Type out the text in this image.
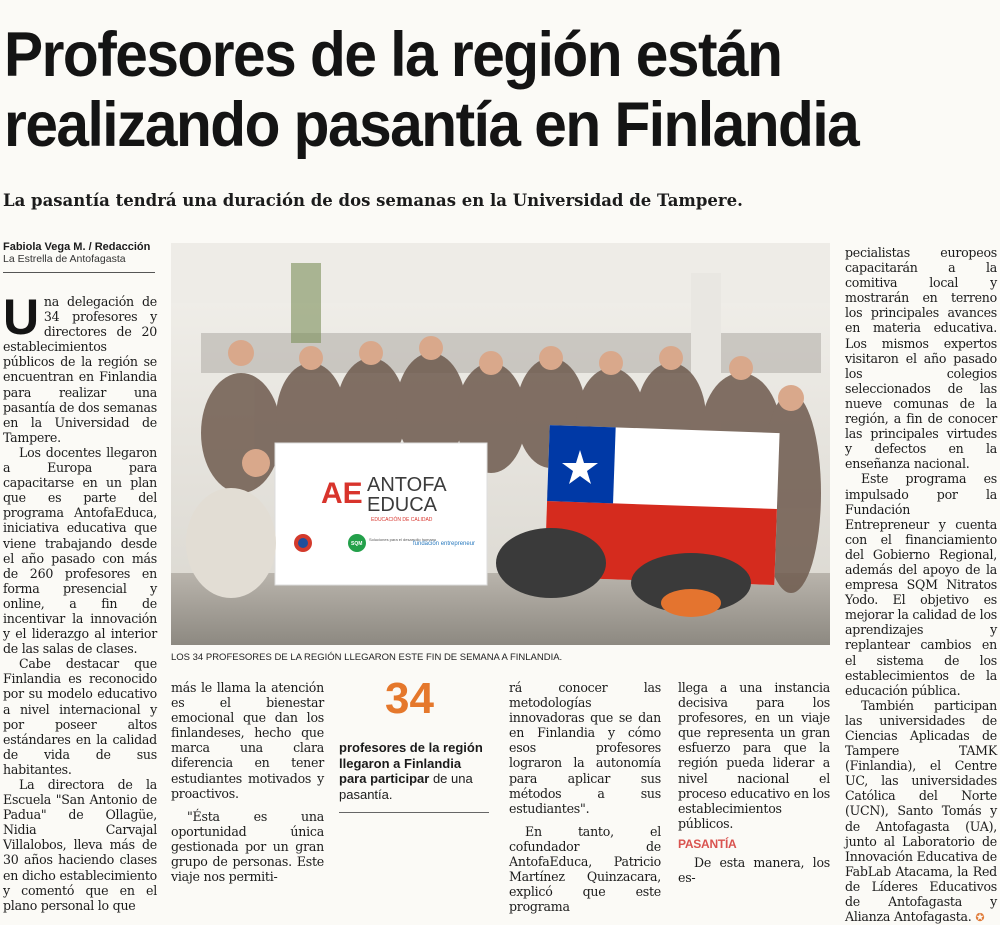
Profesores de la región están
realizando pasantía en Finlandia

La pasantía tendrá una duración de dos semanas en la Universidad de Tampere.

Fabiola Vega M. / Redacción
La Estrella de Antofagasta

U na delegación de 34 profesores y directores de 20 establecimientos públicos de la región se encuentran en Finlandia para realizar una pasantía de dos semanas en la Universidad de Tampere.

Los docentes llegaron a Europa para capacitarse en un plan que es parte del programa AntofaEduca, iniciativa educativa que viene trabajando desde el año pasado con más de 260 profesores en forma presencial y online, a fin de incentivar la innovación y el liderazgo al interior de las salas de clases.

Cabe destacar que Finlandia es reconocido por su modelo educativo a nivel internacional y por poseer altos estándares en la calidad de vida de sus habitantes.

La directora de la Escuela "San Antonio de Padua" de Ollagüe, Nidia Carvajal Villalobos, lleva más de 30 años haciendo clases en dicho establecimiento y comentó que en el plano personal lo que

AE ANTOFA
EDUCA
EDUCACIÓN DE CALIDAD
SQM
Soluciones para el desarrollo humano
fundación entrepreneur
LOS 34 PROFESORES DE LA REGIÓN LLEGARON ESTE FIN DE SEMANA A FINLANDIA.

más le llama la atención es el bienestar emocional que dan los finlandeses, hecho que marca una clara diferencia en tener estudiantes motivados y proactivos.

"Ésta es una oportunidad única gestionada por un gran grupo de personas. Este viaje nos permiti-

34
profesores de la región llegaron a Finlandia para participar de una pasantía.

rá conocer las metodologías innovadoras que se dan en Finlandia y cómo esos profesores lograron la autonomía para aplicar sus métodos a sus estudiantes".

En tanto, el cofundador de AntofaEduca, Patricio Martínez Quinzacara, explicó que este programa

llega a una instancia decisiva para los profesores, en un viaje que representa un gran esfuerzo para que la región pueda liderar a nivel nacional el proceso educativo en los establecimientos públicos.

PASANTÍA

De esta manera, los es-

pecialistas europeos capacitarán a la comitiva local y mostrarán en terreno los principales avances en materia educativa. Los mismos expertos visitaron el año pasado los colegios seleccionados de las nueve comunas de la región, a fin de conocer las principales virtudes y defectos en la enseñanza nacional.

Este programa es impulsado por la Fundación Entrepreneur y cuenta con el financiamiento del Gobierno Regional, además del apoyo de la empresa SQM Nitratos Yodo. El objetivo es mejorar la calidad de los aprendizajes y replantear cambios en el sistema de los establecimientos de la educación pública.

También participan las universidades de Ciencias Aplicadas de Tampere TAMK (Finlandia), el Centre UC, las universidades Católica del Norte (UCN), Santo Tomás y de Antofagasta (UA), junto al Laboratorio de Innovación Educativa de FabLab Atacama, la Red de Líderes Educativos de Antofagasta y Alianza Antofagasta. ✪
